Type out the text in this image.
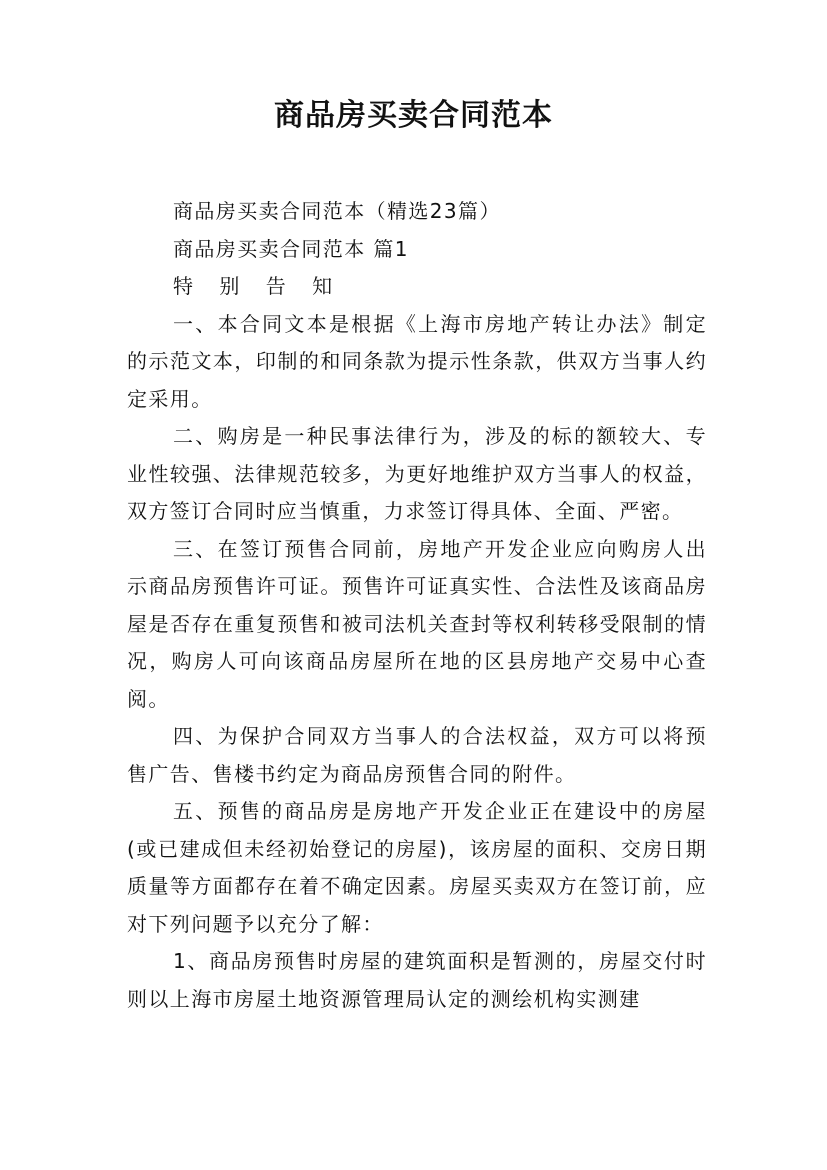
商品房买卖合同范本

商品房买卖合同范本（精选23篇）

商品房买卖合同范本 篇1

特 别 告 知

一、本合同文本是根据《上海市房地产转让办法》制定的示范文本，印制的和同条款为提示性条款，供双方当事人约定采用。

二、购房是一种民事法律行为，涉及的标的额较大、专业性较强、法律规范较多，为更好地维护双方当事人的权益，双方签订合同时应当慎重，力求签订得具体、全面、严密。

三、在签订预售合同前，房地产开发企业应向购房人出示商品房预售许可证。预售许可证真实性、合法性及该商品房屋是否存在重复预售和被司法机关查封等权利转移受限制的情况，购房人可向该商品房屋所在地的区县房地产交易中心查阅。

四、为保护合同双方当事人的合法权益，双方可以将预售广告、售楼书约定为商品房预售合同的附件。

五、预售的商品房是房地产开发企业正在建设中的房屋(或已建成但未经初始登记的房屋)，该房屋的面积、交房日期质量等方面都存在着不确定因素。房屋买卖双方在签订前，应对下列问题予以充分了解：

1、商品房预售时房屋的建筑面积是暂测的，房屋交付时则以上海市房屋土地资源管理局认定的测绘机构实测建
